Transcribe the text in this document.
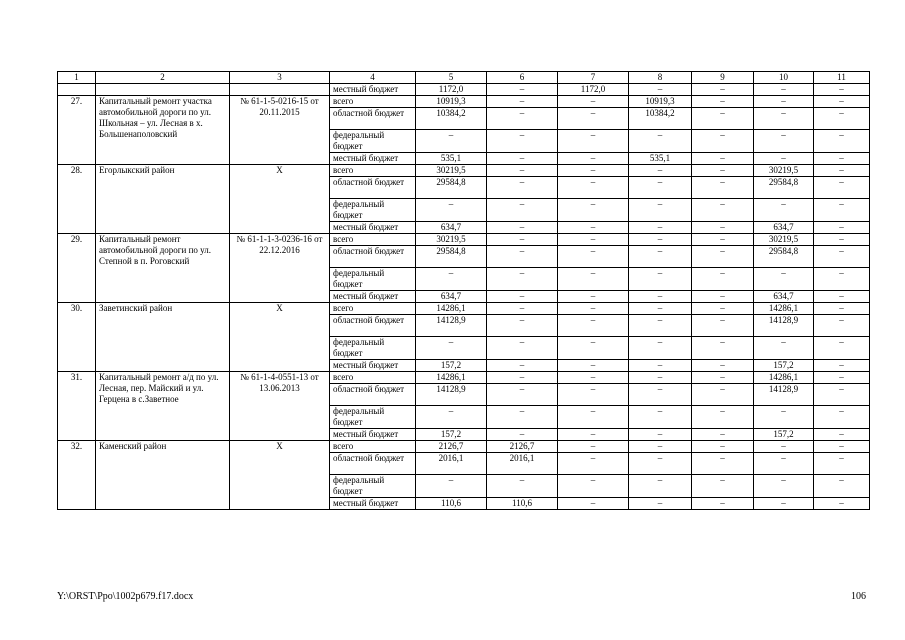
1	2	3	4	5	6	7	8	9	10	11
			местный бюджет	1172,0	–	1172,0	–	–	–	–
27.	Капитальный ремонт участка автомобильной дороги по ул. Школьная – ул. Лесная в х. Большенаполовский	№ 61-1-5-0216-15 от 20.11.2015	всего	10919,3	–	–	10919,3	–	–	–
			областной бюджет	10384,2	–	–	10384,2	–	–	–
			федеральный бюджет	–	–	–	–	–	–	–
			местный бюджет	535,1	–	–	535,1	–	–	–
28.	Егорлыкский район	Х	всего	30219,5	–	–	–	–	30219,5	–
			областной бюджет	29584,8	–	–	–	–	29584,8	–
			федеральный бюджет	–	–	–	–	–	–	–
			местный бюджет	634,7	–	–	–	–	634,7	–
29.	Капитальный ремонт автомобильной дороги по ул. Степной в п. Роговский	№ 61-1-1-3-0236-16 от 22.12.2016	всего	30219,5	–	–	–	–	30219,5	–
			областной бюджет	29584,8	–	–	–	–	29584,8	–
			федеральный бюджет	–	–	–	–	–	–	–
			местный бюджет	634,7	–	–	–	–	634,7	–
30.	Заветинский район	Х	всего	14286,1	–	–	–	–	14286,1	–
			областной бюджет	14128,9	–	–	–	–	14128,9	–
			федеральный бюджет	–	–	–	–	–	–	–
			местный бюджет	157,2	–	–	–	–	157,2	–
31.	Капитальный ремонт а/д по ул. Лесная, пер. Майский и ул. Герцена в с.Заветное	№ 61-1-4-0551-13 от 13.06.2013	всего	14286,1	–	–	–	–	14286,1	–
			областной бюджет	14128,9	–	–	–	–	14128,9	–
			федеральный бюджет	–	–	–	–	–	–	–
			местный бюджет	157,2	–	–	–	–	157,2	–
32.	Каменский район	Х	всего	2126,7	2126,7	–	–	–	–	–
			областной бюджет	2016,1	2016,1	–	–	–	–	–
			федеральный бюджет	–	–	–	–	–	–	–
			местный бюджет	110,6	110,6	–	–	–	–	–
Y:\ORST\Ppo\1002p679.f17.docx	106
